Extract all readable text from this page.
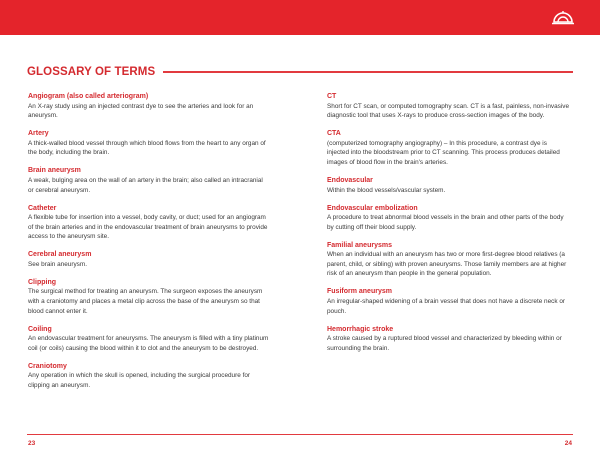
GLOSSARY OF TERMS
Angiogram (also called arteriogram)
An X-ray study using an injected contrast dye to see the arteries and look for an aneurysm.
Artery
A thick-walled blood vessel through which blood flows from the heart to any organ of the body, including the brain.
Brain aneurysm
A weak, bulging area on the wall of an artery in the brain; also called an intracranial or cerebral aneurysm.
Catheter
A flexible tube for insertion into a vessel, body cavity, or duct; used for an angiogram of the brain arteries and in the endovascular treatment of brain aneurysms to provide access to the aneurysm site.
Cerebral aneurysm
See brain aneurysm.
Clipping
The surgical method for treating an aneurysm. The surgeon exposes the aneurysm with a craniotomy and places a metal clip across the base of the aneurysm so that blood cannot enter it.
Coiling
An endovascular treatment for aneurysms. The aneurysm is filled with a tiny platinum coil (or coils) causing the blood within it to clot and the aneurysm to be destroyed.
Craniotomy
Any operation in which the skull is opened, including the surgical procedure for clipping an aneurysm.
CT
Short for CT scan, or computed tomography scan. CT is a fast, painless, non-invasive diagnostic tool that uses X-rays to produce cross-section images of the body.
CTA
(computerized tomography angiography) – In this procedure, a contrast dye is injected into the bloodstream prior to CT scanning. This process produces detailed images of blood flow in the brain's arteries.
Endovascular
Within the blood vessels/vascular system.
Endovascular embolization
A procedure to treat abnormal blood vessels in the brain and other parts of the body by cutting off their blood supply.
Familial aneurysms
When an individual with an aneurysm has two or more first-degree blood relatives (a parent, child, or sibling) with proven aneurysms. Those family members are at higher risk of an aneurysm than people in the general population.
Fusiform aneurysm
An irregular-shaped widening of a brain vessel that does not have a discrete neck or pouch.
Hemorrhagic stroke
A stroke caused by a ruptured blood vessel and characterized by bleeding within or surrounding the brain.
23	24
